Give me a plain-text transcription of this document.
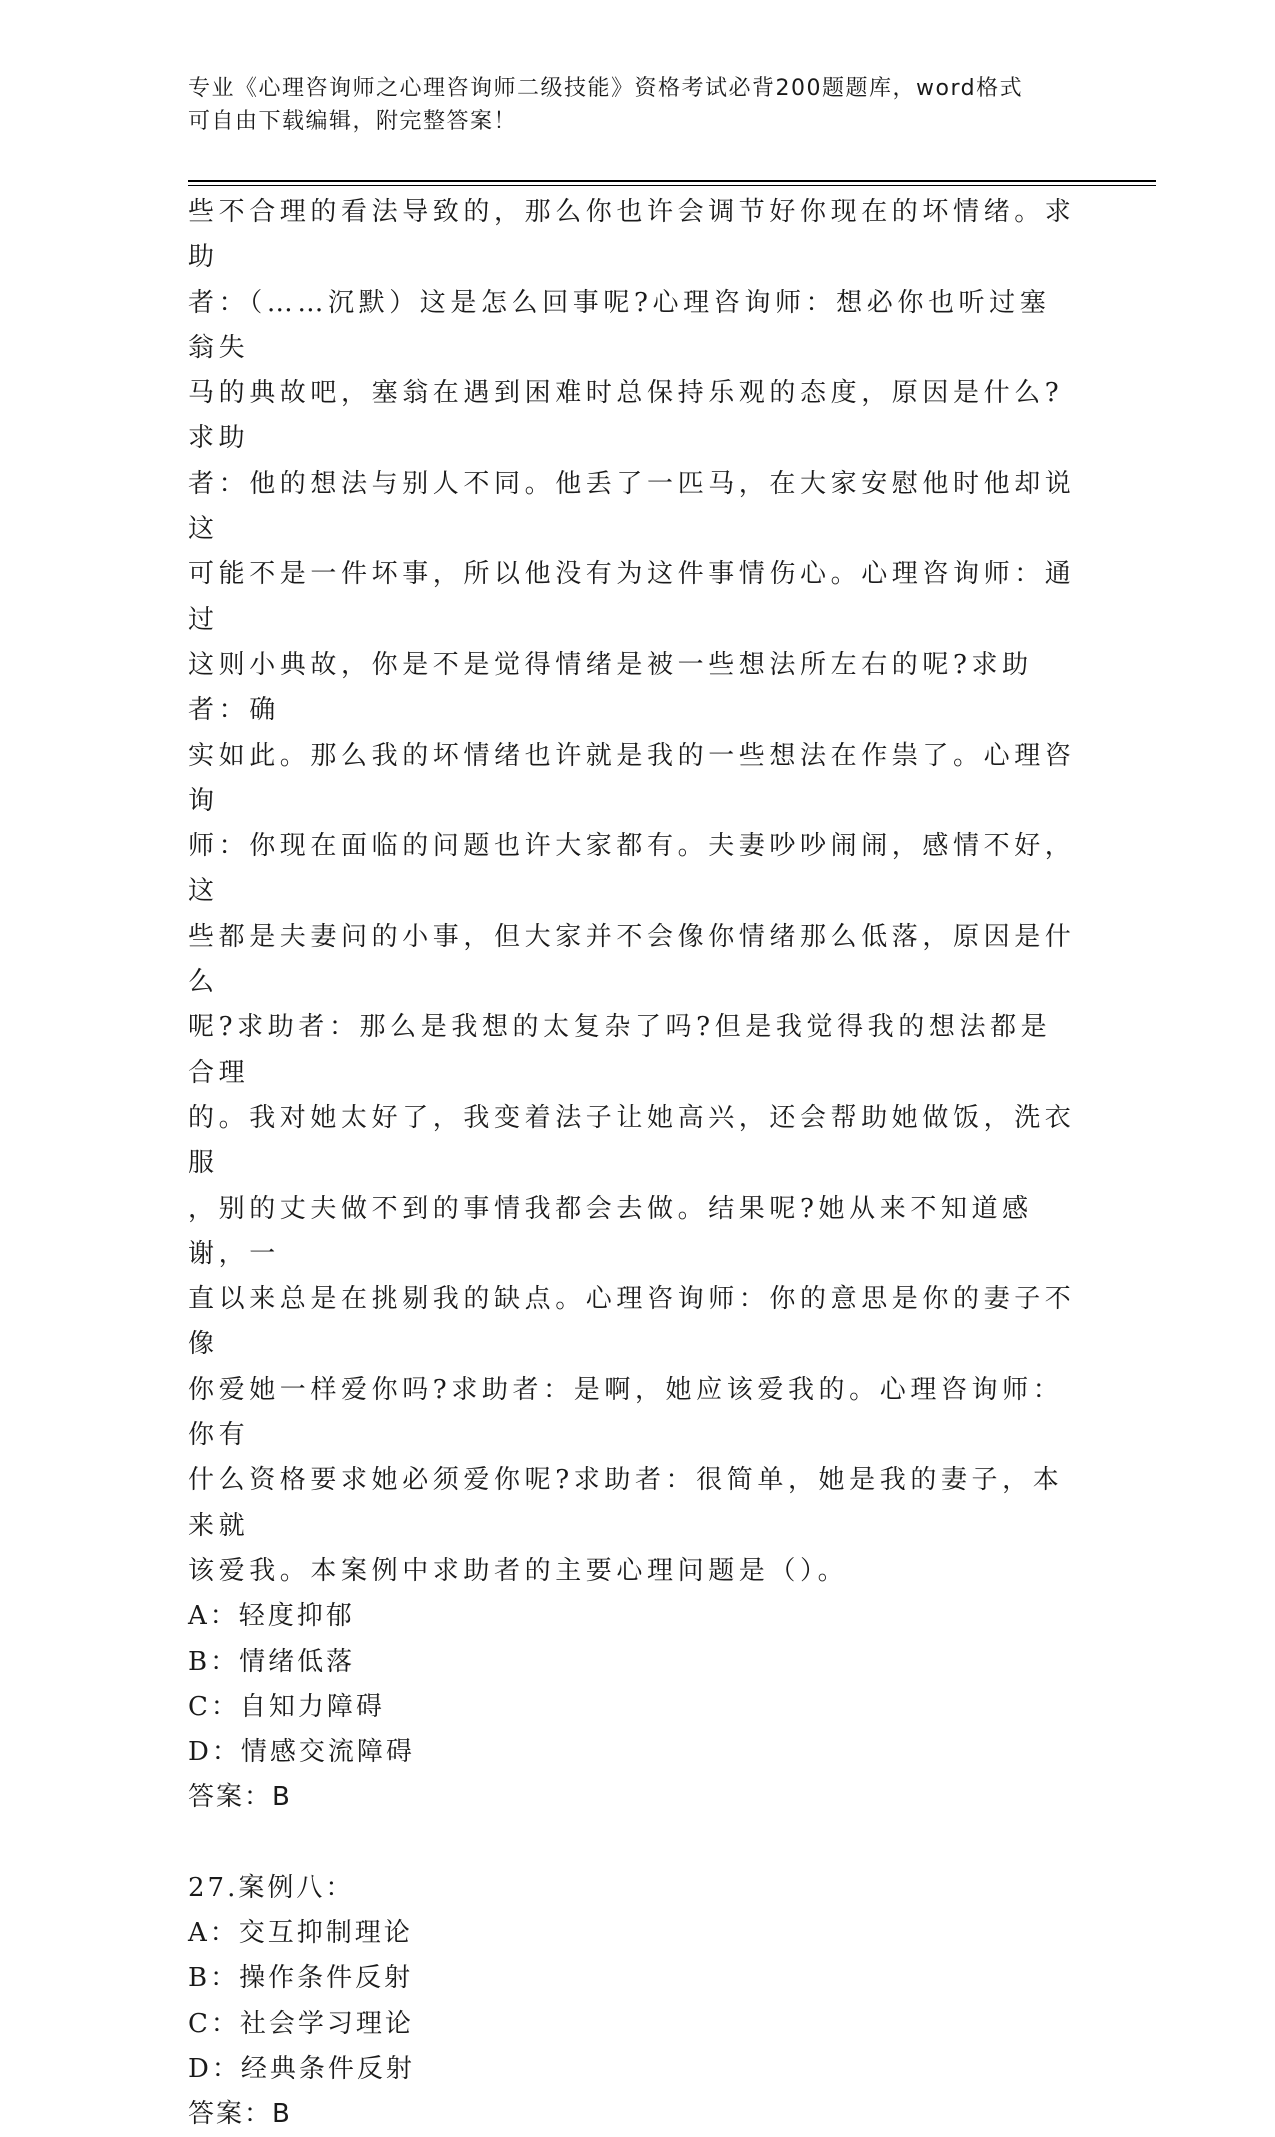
专业《心理咨询师之心理咨询师二级技能》资格考试必背200题题库，word格式
可自由下载编辑，附完整答案！

些不合理的看法导致的，那么你也许会调节好你现在的坏情绪。求助

者：（……沉默）这是怎么回事呢?心理咨询师：想必你也听过塞翁失

马的典故吧，塞翁在遇到困难时总保持乐观的态度，原因是什么?求助

者：他的想法与别人不同。他丢了一匹马，在大家安慰他时他却说这

可能不是一件坏事，所以他没有为这件事情伤心。心理咨询师：通过

这则小典故，你是不是觉得情绪是被一些想法所左右的呢?求助者：确

实如此。那么我的坏情绪也许就是我的一些想法在作祟了。心理咨询

师：你现在面临的问题也许大家都有。夫妻吵吵闹闹，感情不好，这

些都是夫妻问的小事，但大家并不会像你情绪那么低落，原因是什么

呢?求助者：那么是我想的太复杂了吗?但是我觉得我的想法都是合理

的。我对她太好了，我变着法子让她高兴，还会帮助她做饭，洗衣服

，别的丈夫做不到的事情我都会去做。结果呢?她从来不知道感谢，一

直以来总是在挑剔我的缺点。心理咨询师：你的意思是你的妻子不像

你爱她一样爱你吗?求助者：是啊，她应该爱我的。心理咨询师：你有

什么资格要求她必须爱你呢?求助者：很简单，她是我的妻子，本来就

该爱我。本案例中求助者的主要心理问题是（）。

A：轻度抑郁

B：情绪低落

C：自知力障碍

D：情感交流障碍

答案：B

27.案例八：

A：交互抑制理论

B：操作条件反射

C：社会学习理论

D：经典条件反射

答案：B
